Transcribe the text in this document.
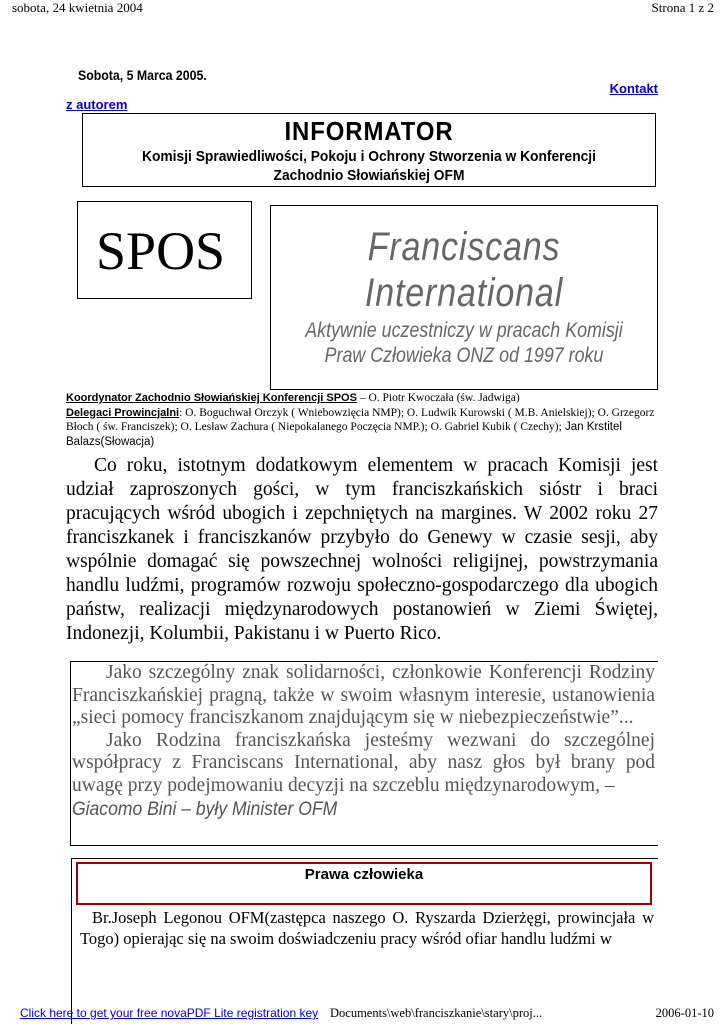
sobota, 24 kwietnia 2004	Strona 1 z 2
Sobota, 5 Marca 2005.
Kontakt
z autorem
INFORMATOR
Komisji Sprawiedliwości, Pokoju i Ochrony Stworzenia w Konferencji
Zachodnio Słowiańskiej OFM
SPOS	Franciscans
International
Aktywnie uczestniczy w pracach Komisji
Praw Człowieka ONZ od 1997 roku
Koordynator Zachodnio Słowiańskiej Konferencji SPOS – O. Piotr Kwoczała (św. Jadwiga)
Delegaci Prowincjalni: O. Boguchwał Orczyk ( Wniebowzięcia NMP); O. Ludwik Kurowski ( M.B. Anielskiej); O. Grzegorz Błoch ( św. Franciszek); O. Lesław Zachura ( Niepokalanego Poczęcia NMP.); O. Gabriel Kubik ( Czechy); Jan Krstitel Balazs(Słowacja)
Co roku, istotnym dodatkowym elementem w pracach Komisji jest udział zaproszonych gości, w tym franciszkańskich sióstr i braci pracujących wśród ubogich i zepchniętych na margines. W 2002 roku 27 franciszkanek i franciszkanów przybyło do Genewy w czasie sesji, aby wspólnie domagać się powszechnej wolności religijnej, powstrzymania handlu ludźmi, programów rozwoju społeczno-gospodarczego dla ubogich państw, realizacji międzynarodowych postanowień w Ziemi Świętej, Indonezji, Kolumbii, Pakistanu i w Puerto Rico.

Jako szczególny znak solidarności, członkowie Konferencji Rodziny Franciszkańskiej pragną, także w swoim własnym interesie, ustanowienia „sieci pomocy franciszkanom znajdującym się w niebezpieczeństwie”...

Jako Rodzina franciszkańska jesteśmy wezwani do szczególnej współpracy z Franciscans International, aby nasz głos był brany pod uwagę przy podejmowaniu decyzji na szczeblu międzynarodowym, –

Giacomo Bini – były Minister OFM
Prawa człowieka
Br.Joseph Legonou OFM(zastępca naszego O. Ryszarda Dzierżęgi, prowincjała w Togo) opierając się na swoim doświadczeniu pracy wśród ofiar handlu ludźmi w
Click here to get your free novaPDF Lite registration key Documents\web\franciszkanie\stary\proj...	2006-01-10
